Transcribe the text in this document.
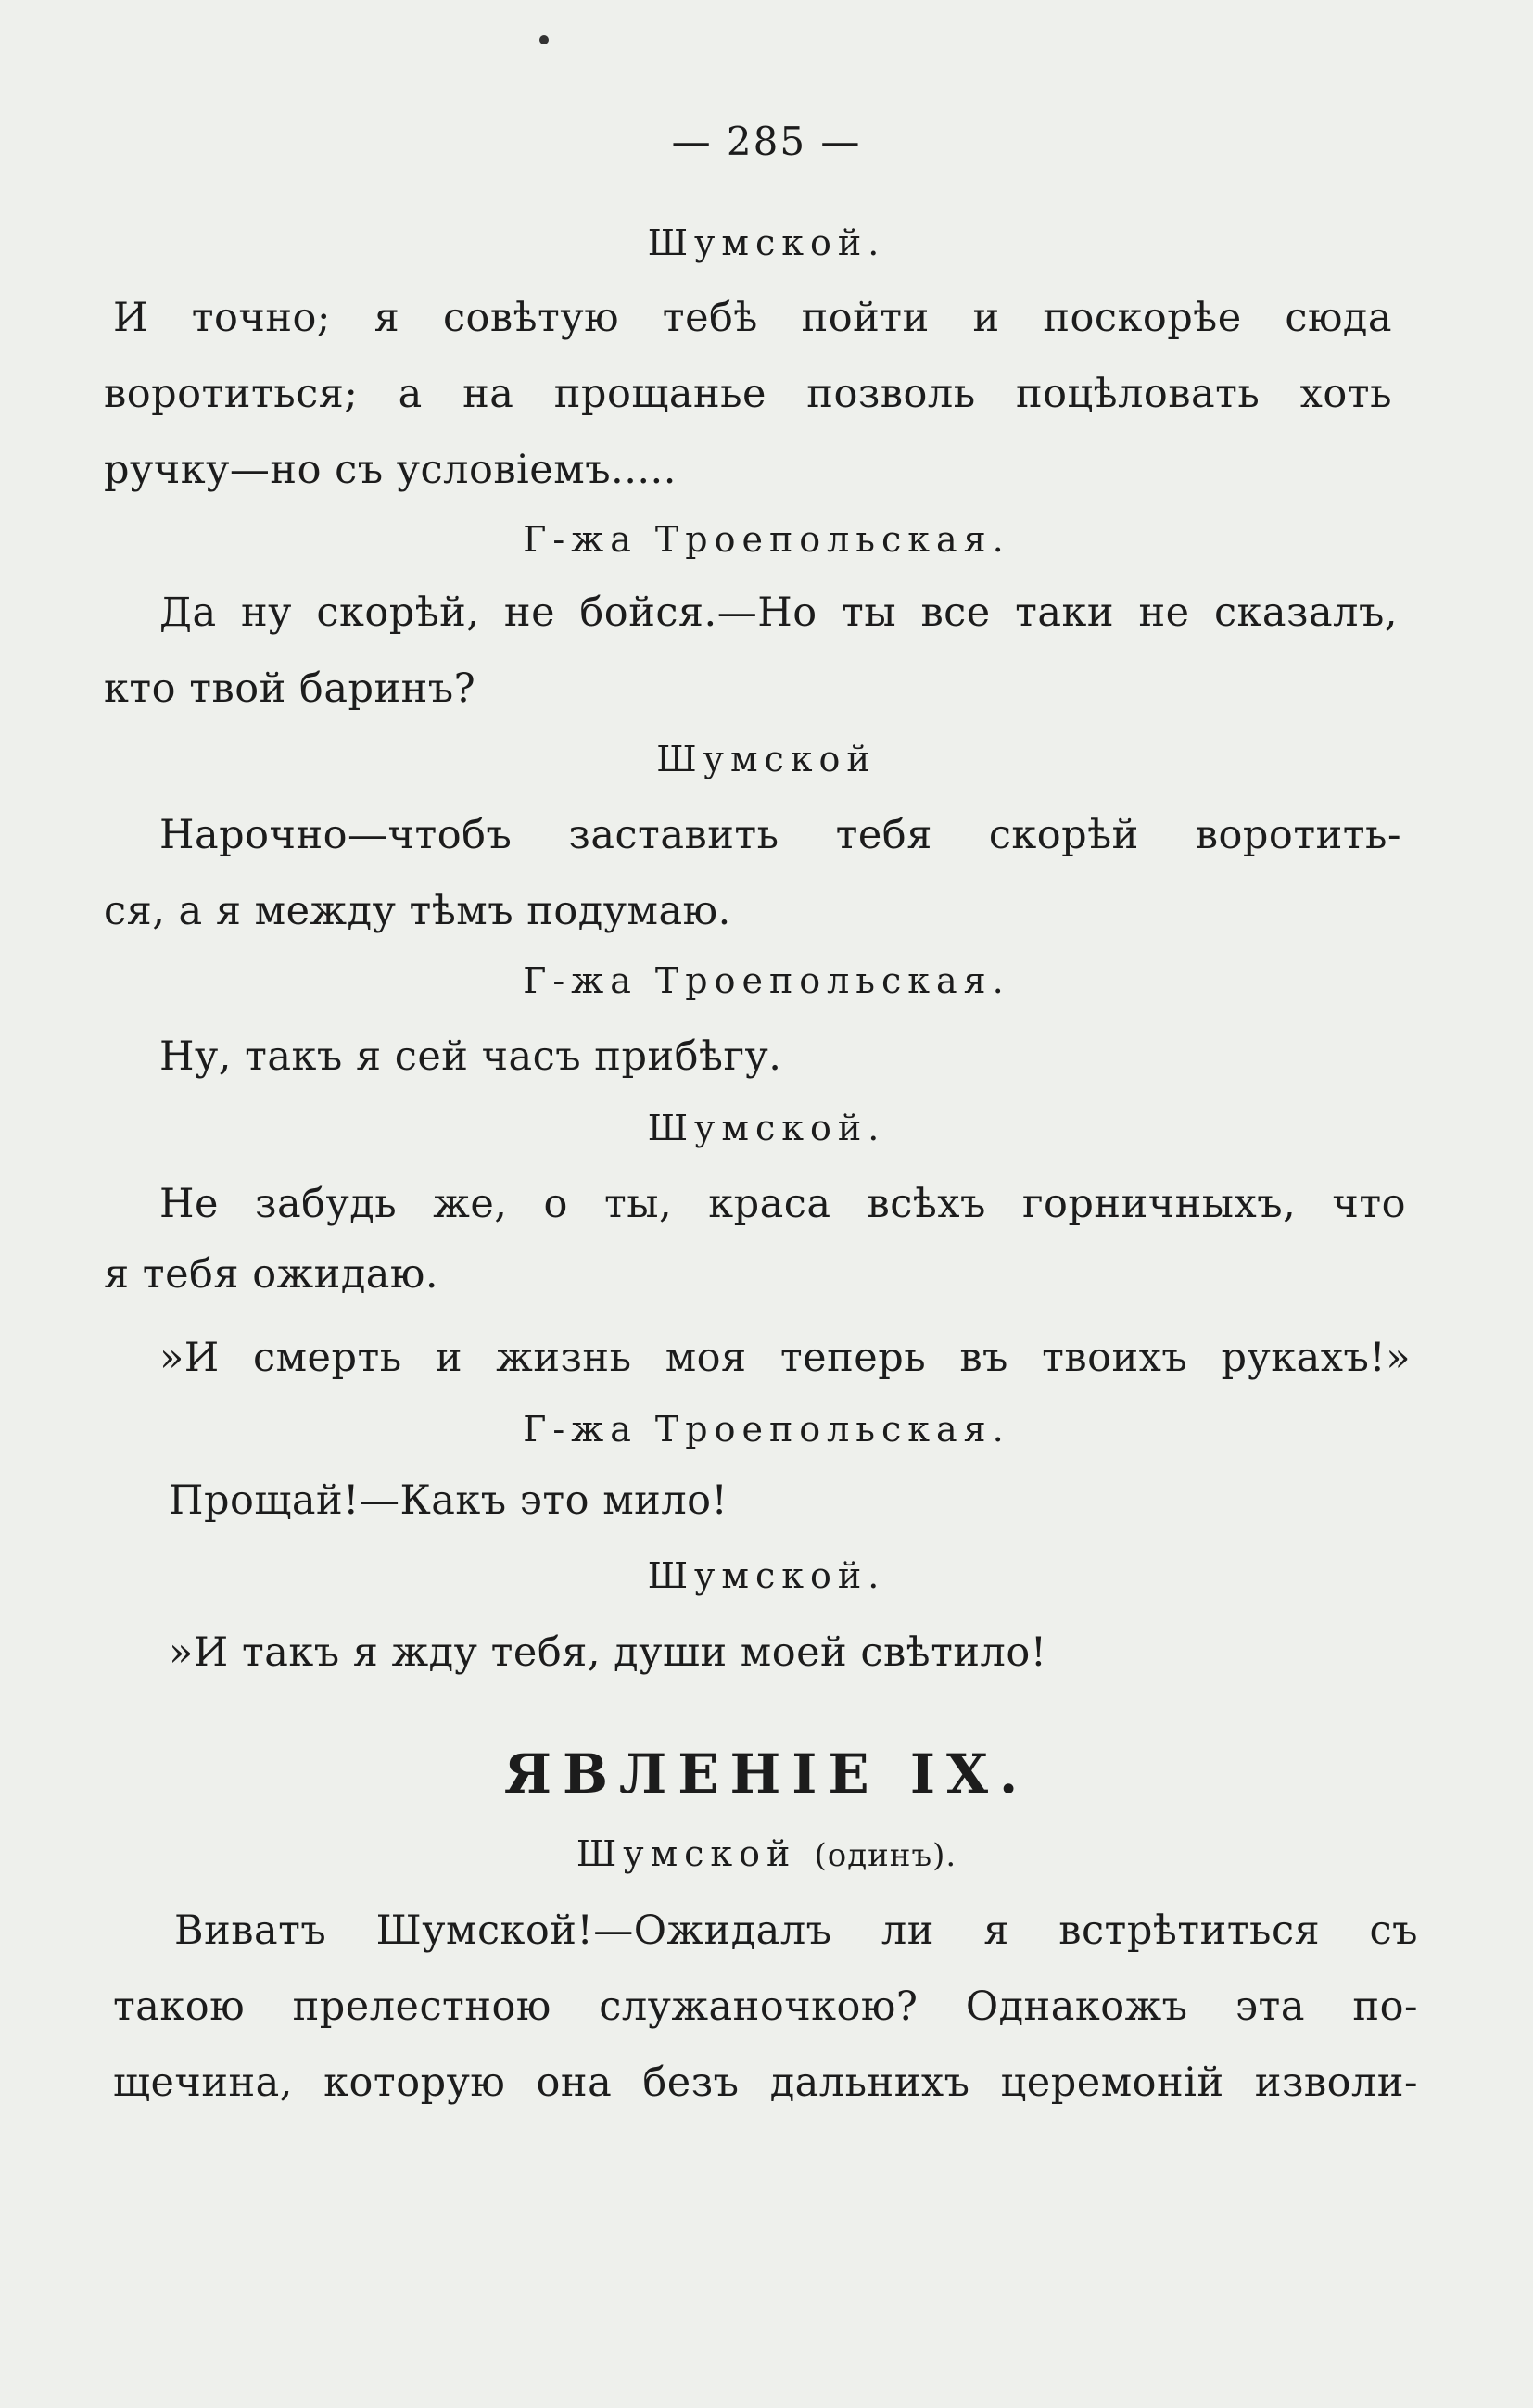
— 285 —
Шумской.
И точно; я совѣтую тебѣ пойти и поскорѣе сюда
воротиться; а на прощанье позволь поцѣловать хоть
ручку—но съ условіемъ.....
Г-жа Троепольская.
Да ну скорѣй, не бойся.—Но ты все таки не сказалъ,
кто твой баринъ?
Шумской
Нарочно—чтобъ заставить тебя скорѣй воротить-
ся, а я между тѣмъ подумаю.
Г-жа Троепольская.
Ну, такъ я сей часъ прибѣгу.
Шумской.
Не забудь же, о ты, краса всѣхъ горничныхъ, что
я тебя ожидаю.
»И смерть и жизнь моя теперь въ твоихъ рукахъ!»
Г-жа Троепольская.
Прощай!—Какъ это мило!
Шумской.
»И такъ я жду тебя, души моей свѣтило!
ЯВЛЕНІЕ IX.
Шумской (одинъ).
Виватъ Шумской!—Ожидалъ ли я встрѣтиться съ
такою прелестною служаночкою? Однакожъ эта по-
щечина, которую она безъ дальнихъ церемоній изволи-
